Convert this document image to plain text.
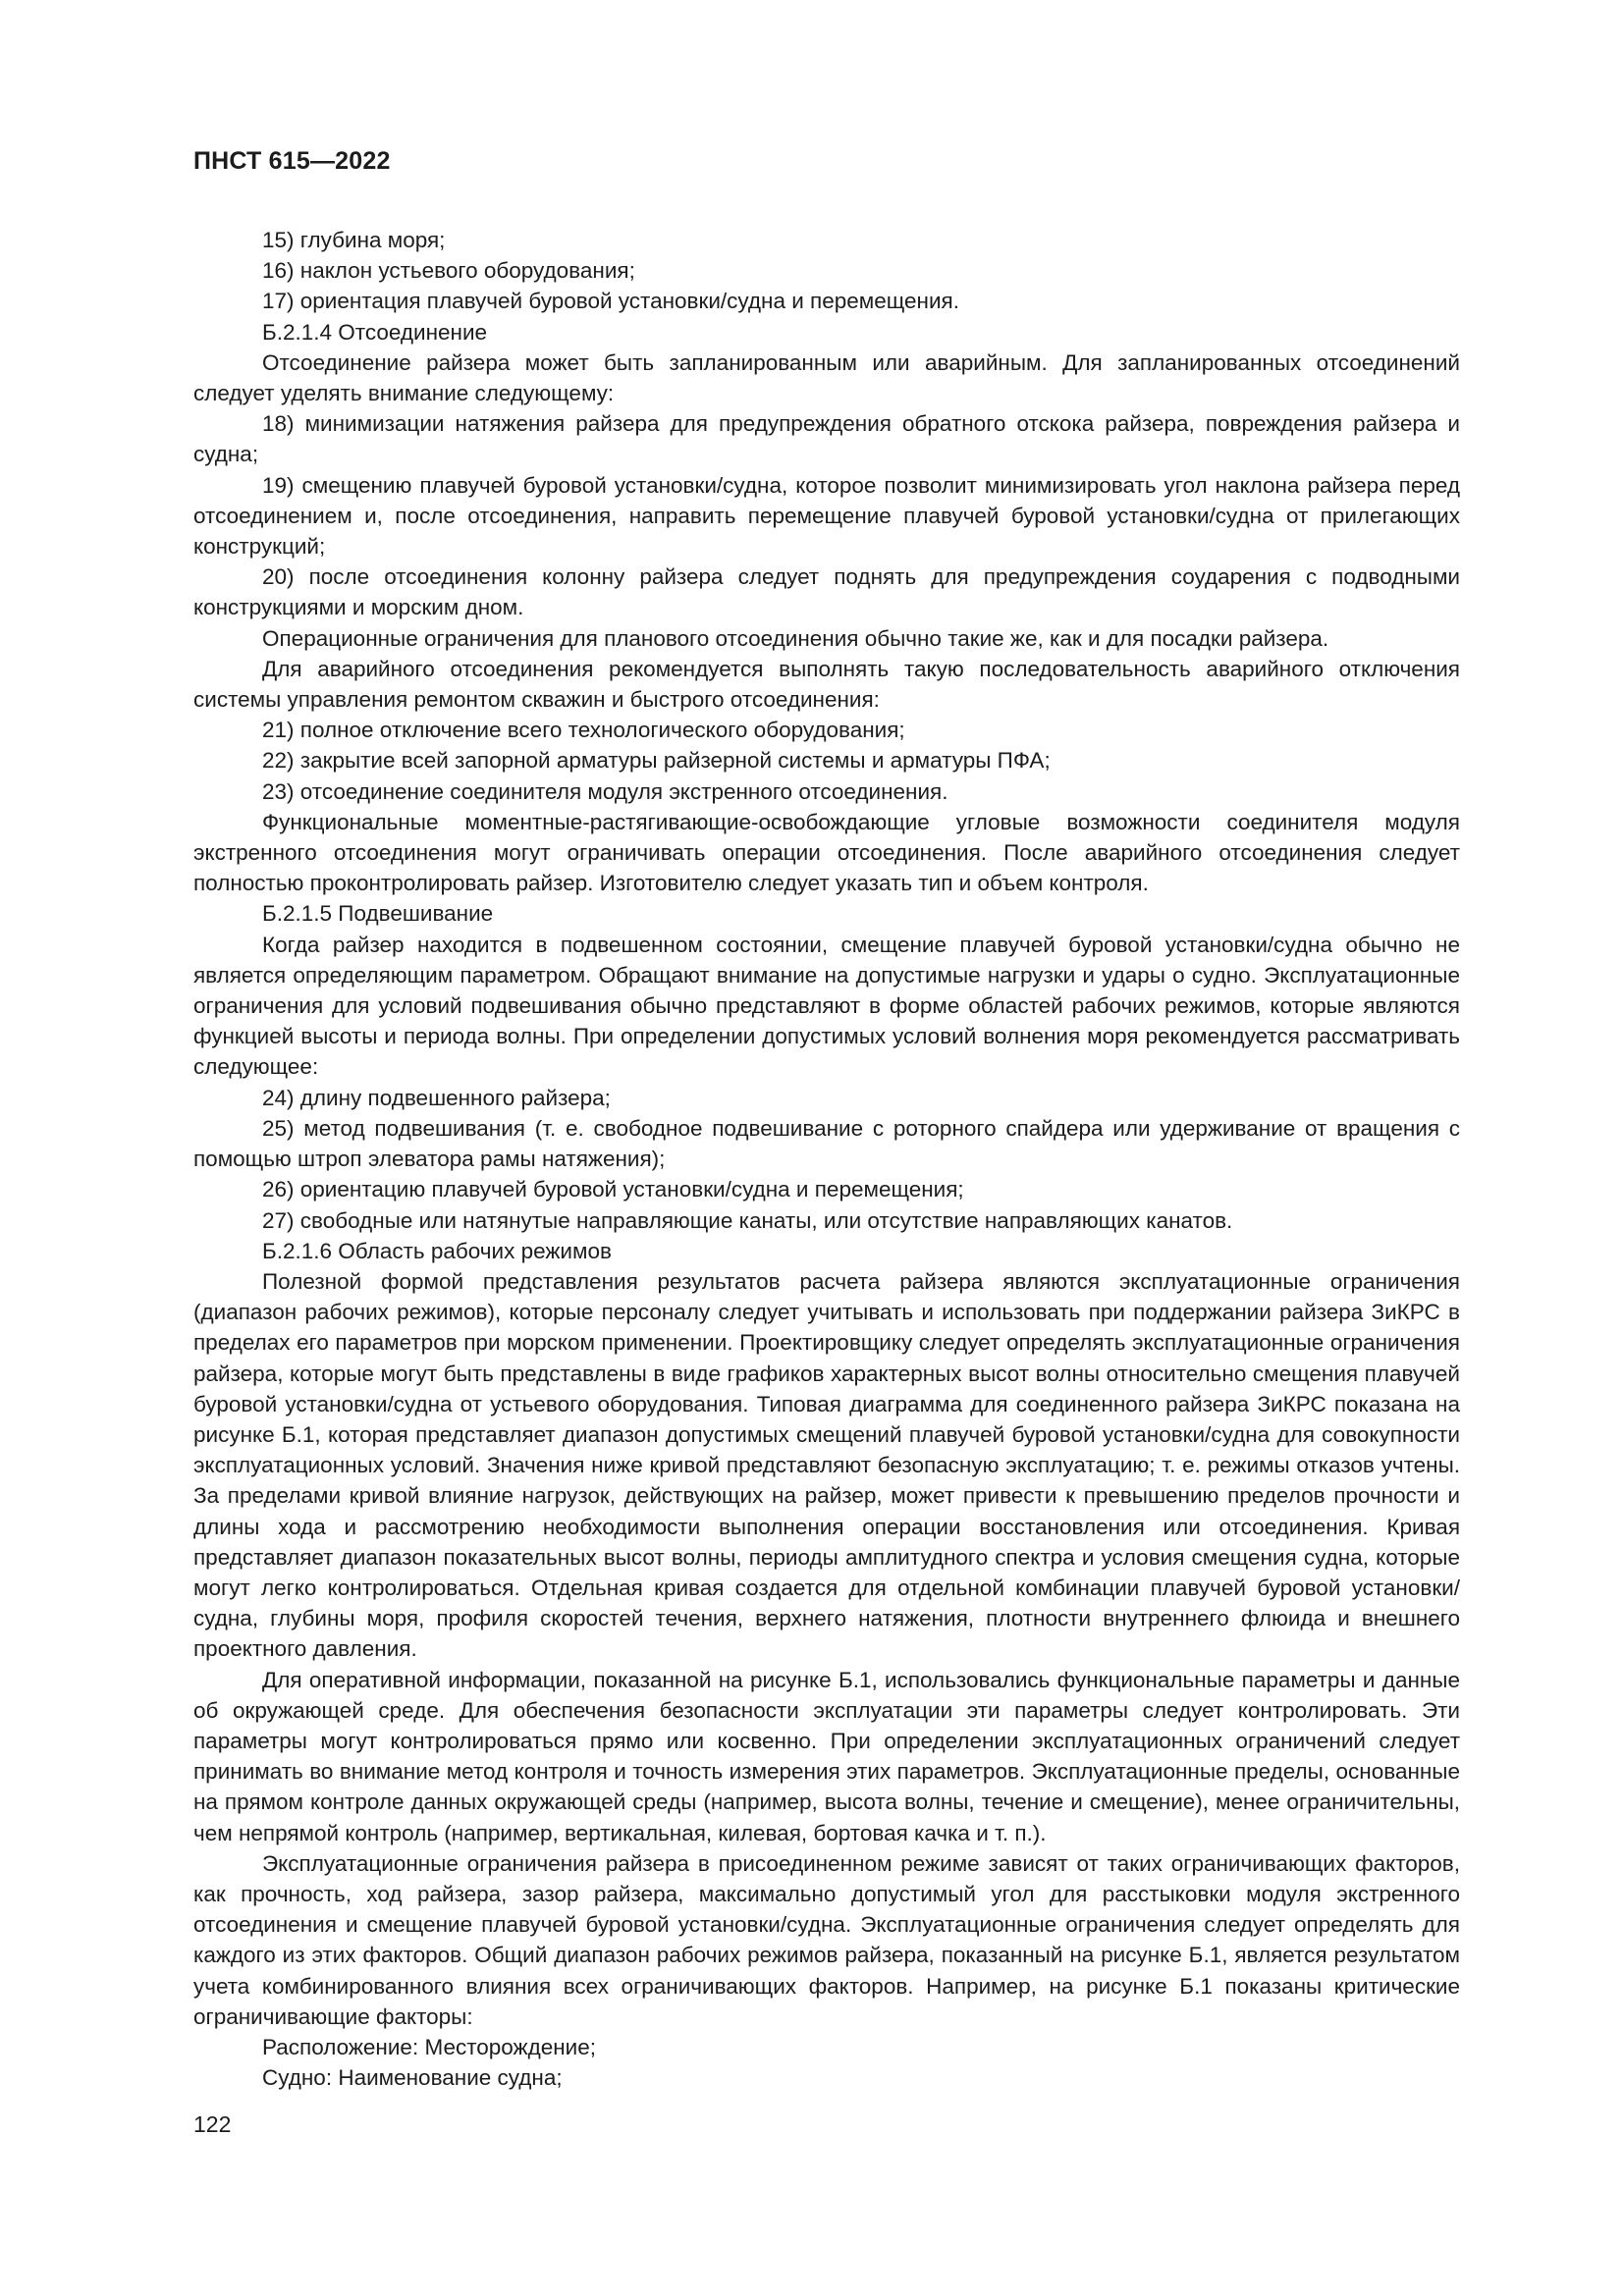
ПНСТ 615—2022

15) глубина моря;

16) наклон устьевого оборудования;

17) ориентация плавучей буровой установки/судна и перемещения.

Б.2.1.4 Отсоединение

Отсоединение райзера может быть запланированным или аварийным. Для запланированных отсоединений следует уделять внимание следующему:

18) минимизации натяжения райзера для предупреждения обратного отскока райзера, повреждения райзера и судна;

19) смещению плавучей буровой установки/судна, которое позволит минимизировать угол наклона райзера перед отсоединением и, после отсоединения, направить перемещение плавучей буровой установки/судна от прилегающих конструкций;

20) после отсоединения колонну райзера следует поднять для предупреждения соударения с подводными конструкциями и морским дном.

Операционные ограничения для планового отсоединения обычно такие же, как и для посадки райзера.

Для аварийного отсоединения рекомендуется выполнять такую последовательность аварийного отключения системы управления ремонтом скважин и быстрого отсоединения:

21) полное отключение всего технологического оборудования;

22) закрытие всей запорной арматуры райзерной системы и арматуры ПФА;

23) отсоединение соединителя модуля экстренного отсоединения.

Функциональные моментные-растягивающие-освобождающие угловые возможности соединителя модуля экстренного отсоединения могут ограничивать операции отсоединения. После аварийного отсоединения следует полностью проконтролировать райзер. Изготовителю следует указать тип и объем контроля.

Б.2.1.5 Подвешивание

Когда райзер находится в подвешенном состоянии, смещение плавучей буровой установки/судна обычно не является определяющим параметром. Обращают внимание на допустимые нагрузки и удары о судно. Эксплуатационные ограничения для условий подвешивания обычно представляют в форме областей рабочих режимов, которые являются функцией высоты и периода волны. При определении допустимых условий волнения моря рекомендуется рассматривать следующее:

24) длину подвешенного райзера;

25) метод подвешивания (т. е. свободное подвешивание с роторного спайдера или удерживание от вращения с помощью штроп элеватора рамы натяжения);

26) ориентацию плавучей буровой установки/судна и перемещения;

27) свободные или натянутые направляющие канаты, или отсутствие направляющих канатов.

Б.2.1.6 Область рабочих режимов

Полезной формой представления результатов расчета райзера являются эксплуатационные ограничения (диапазон рабочих режимов), которые персоналу следует учитывать и использовать при поддержании райзера ЗиКРС в пределах его параметров при морском применении. Проектировщику следует определять эксплуатационные ограничения райзера, которые могут быть представлены в виде графиков характерных высот волны относительно смещения плавучей буровой установки/судна от устьевого оборудования. Типовая диаграмма для соединенного райзера ЗиКРС показана на рисунке Б.1, которая представляет диапазон допустимых смещений плавучей буровой установки/судна для совокупности эксплуатационных условий. Значения ниже кривой представляют безопасную эксплуатацию; т. е. режимы отказов учтены. За пределами кривой влияние нагрузок, действующих на райзер, может привести к превышению пределов прочности и длины хода и рассмотрению необходимости выполнения операции восстановления или отсоединения. Кривая представляет диапазон показательных высот волны, периоды амплитудного спектра и условия смещения судна, которые могут легко контролироваться. Отдельная кривая создается для отдельной комбинации плавучей буровой установки/судна, глубины моря, профиля скоростей течения, верхнего натяжения, плотности внутреннего флюида и внешнего проектного давления.

Для оперативной информации, показанной на рисунке Б.1, использовались функциональные параметры и данные об окружающей среде. Для обеспечения безопасности эксплуатации эти параметры следует контролировать. Эти параметры могут контролироваться прямо или косвенно. При определении эксплуатационных ограничений следует принимать во внимание метод контроля и точность измерения этих параметров. Эксплуатационные пределы, основанные на прямом контроле данных окружающей среды (например, высота волны, течение и смещение), менее ограничительны, чем непрямой контроль (например, вертикальная, килевая, бортовая качка и т. п.).

Эксплуатационные ограничения райзера в присоединенном режиме зависят от таких ограничивающих факторов, как прочность, ход райзера, зазор райзера, максимально допустимый угол для расстыковки модуля экстренного отсоединения и смещение плавучей буровой установки/судна. Эксплуатационные ограничения следует определять для каждого из этих факторов. Общий диапазон рабочих режимов райзера, показанный на рисунке Б.1, является результатом учета комбинированного влияния всех ограничивающих факторов. Например, на рисунке Б.1 показаны критические ограничивающие факторы:

Расположение: Месторождение;

Судно: Наименование судна;

122
